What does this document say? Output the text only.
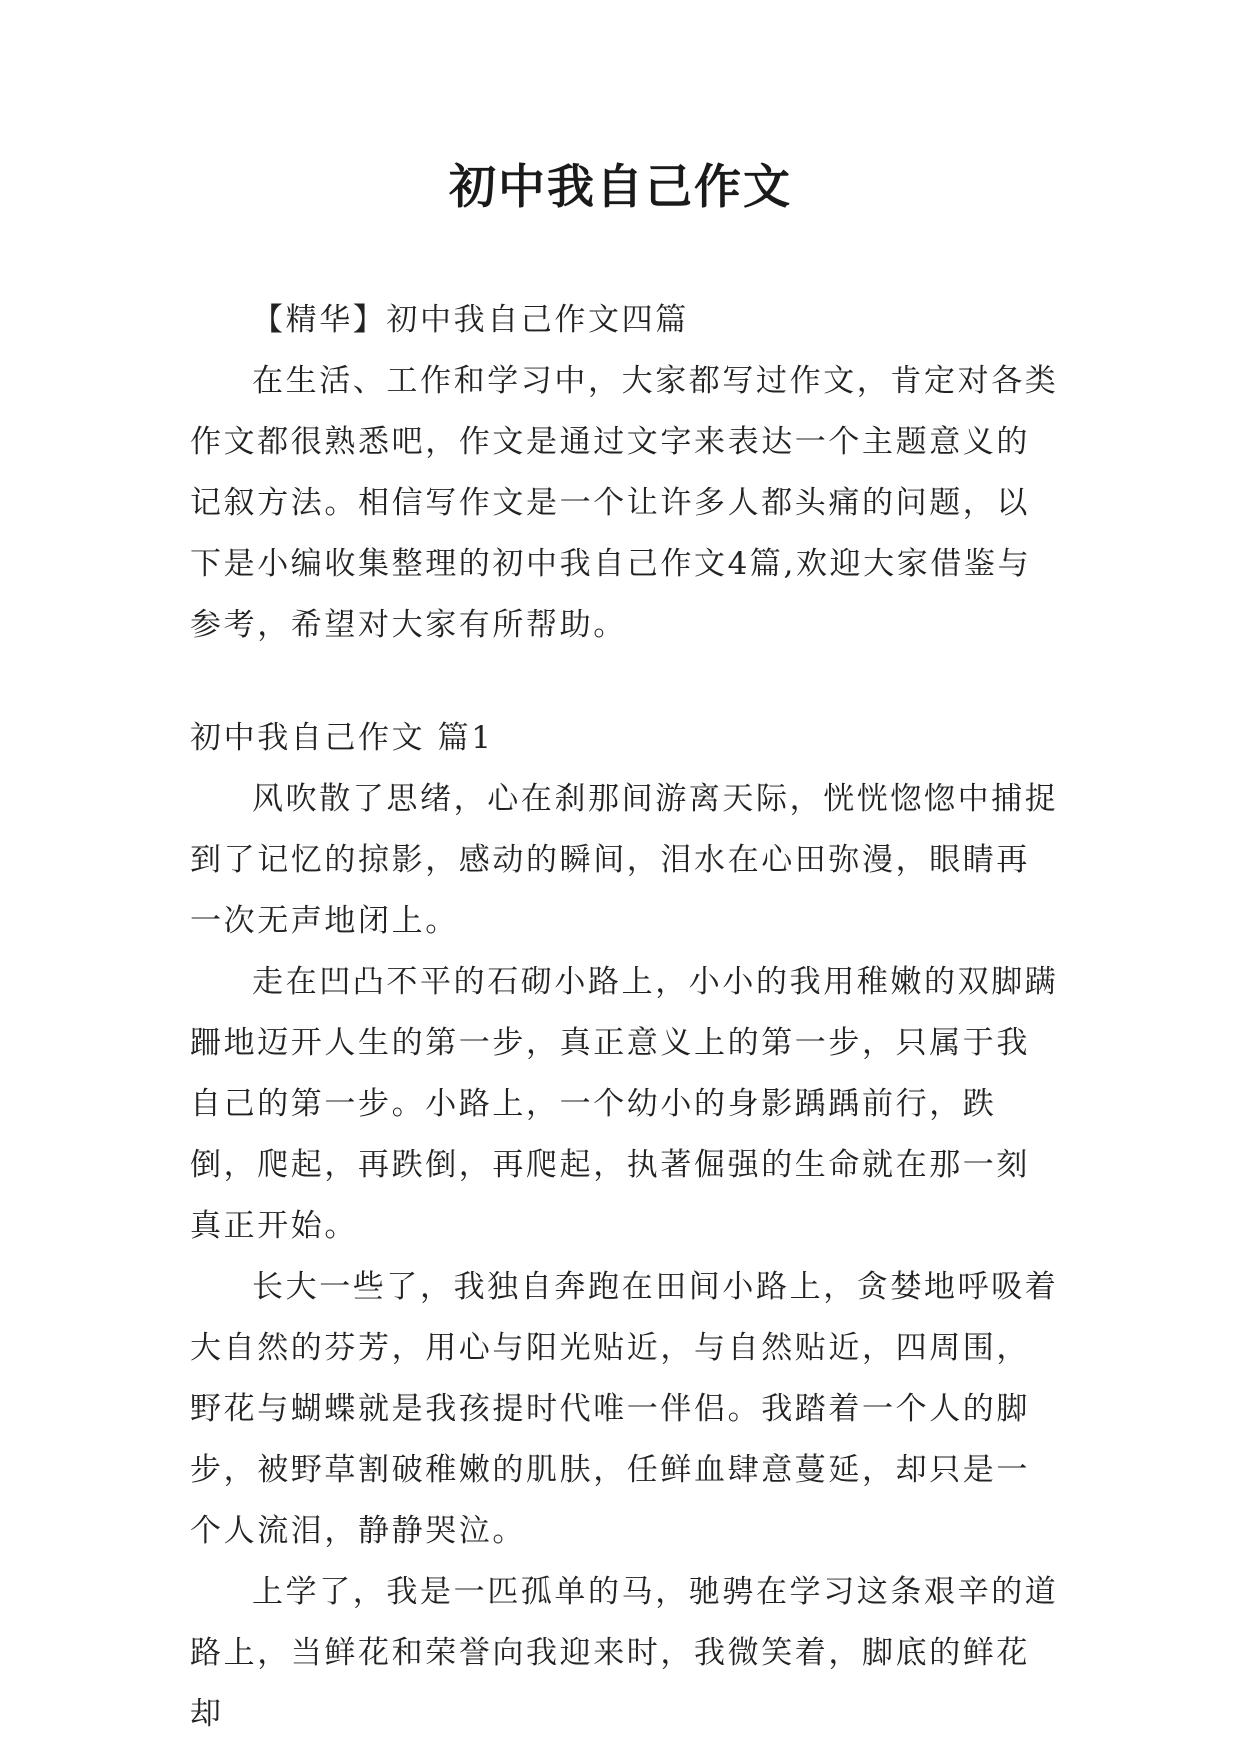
初中我自己作文

【精华】初中我自己作文四篇

在生活、工作和学习中，大家都写过作文，肯定对各类作文都很熟悉吧，作文是通过文字来表达一个主题意义的记叙方法。相信写作文是一个让许多人都头痛的问题，以下是小编收集整理的初中我自己作文4篇,欢迎大家借鉴与参考，希望对大家有所帮助。

初中我自己作文 篇1

风吹散了思绪，心在刹那间游离天际，恍恍惚惚中捕捉到了记忆的掠影，感动的瞬间，泪水在心田弥漫，眼睛再一次无声地闭上。

走在凹凸不平的石砌小路上，小小的我用稚嫩的双脚蹒跚地迈开人生的第一步，真正意义上的第一步，只属于我自己的第一步。小路上，一个幼小的身影踽踽前行，跌倒，爬起，再跌倒，再爬起，执著倔强的生命就在那一刻真正开始。

长大一些了，我独自奔跑在田间小路上，贪婪地呼吸着大自然的芬芳，用心与阳光贴近，与自然贴近，四周围，野花与蝴蝶就是我孩提时代唯一伴侣。我踏着一个人的脚步，被野草割破稚嫩的肌肤，任鲜血肆意蔓延，却只是一个人流泪，静静哭泣。

上学了，我是一匹孤单的马，驰骋在学习这条艰辛的道路上，当鲜花和荣誉向我迎来时，我微笑着，脚底的鲜花却
